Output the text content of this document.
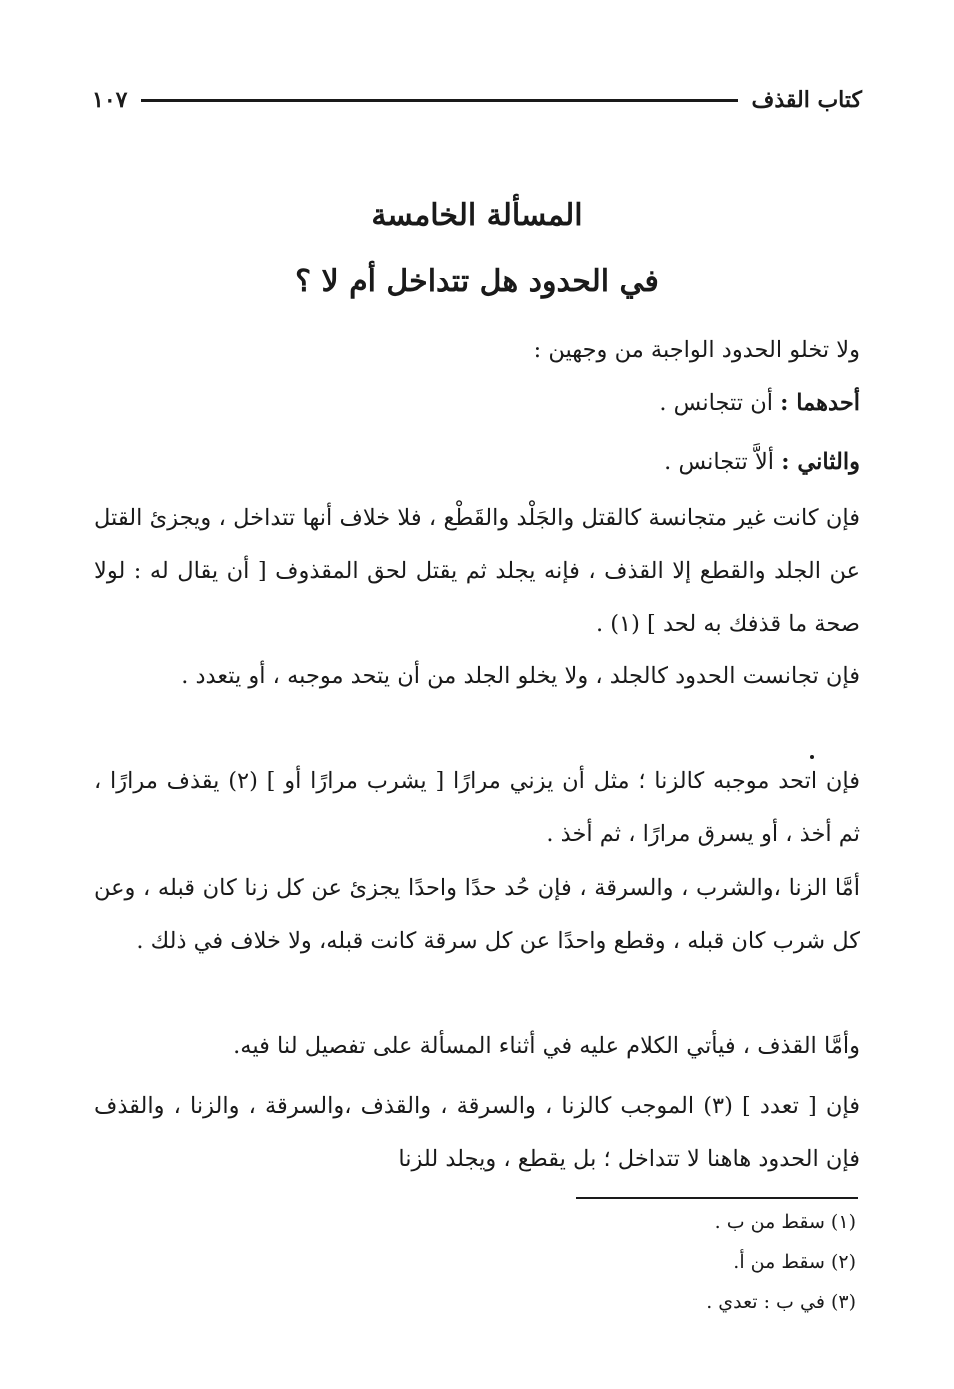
كتاب القذف
١٠٧
المسألة الخامسة
في الحدود هل تتداخل أم لا ؟

ولا تخلو الحدود الواجبة من وجهين :

أحدهما : أن تتجانس .

والثاني : ألاَّ تتجانس .

فإن كانت غير متجانسة كالقتل والجَلْد والقَطْع ، فلا خلاف أنها تتداخل ، ويجزئ القتل عن الجلد والقطع إلا القذف ، فإنه يجلد ثم يقتل لحق المقذوف [ أن يقال له : لولا صحة ما قذفك به لحد ] (١) .

فإن تجانست الحدود كالجلد ، ولا يخلو الجلد من أن يتحد موجبه ، أو يتعدد .

فإن اتحد موجبه كالزنا ؛ مثل أن يزني مرارًا [ يشرب مرارًا أو ] (٢) يقذف مرارًا ، ثم أخذ ، أو يسرق مرارًا ، ثم أخذ .

أمَّا الزنا ،والشرب ، والسرقة ، فإن حُد حدًا واحدًا يجزئ عن كل زنا كان قبله ، وعن كل شرب كان قبله ، وقطع واحدًا عن كل سرقة كانت قبله، ولا خلاف في ذلك .

وأمَّا القذف ، فيأتي الكلام عليه في أثناء المسألة على تفصيل لنا فيه.

فإن [ تعدد ] (٣) الموجب كالزنا ، والسرقة ، والقذف ،والسرقة ، والزنا ، والقذف فإن الحدود هاهنا لا تتداخل ؛ بل يقطع ، ويجلد للزنا

(١) سقط من ب .

(٢) سقط من أ.

(٣) في ب : تعدي .
